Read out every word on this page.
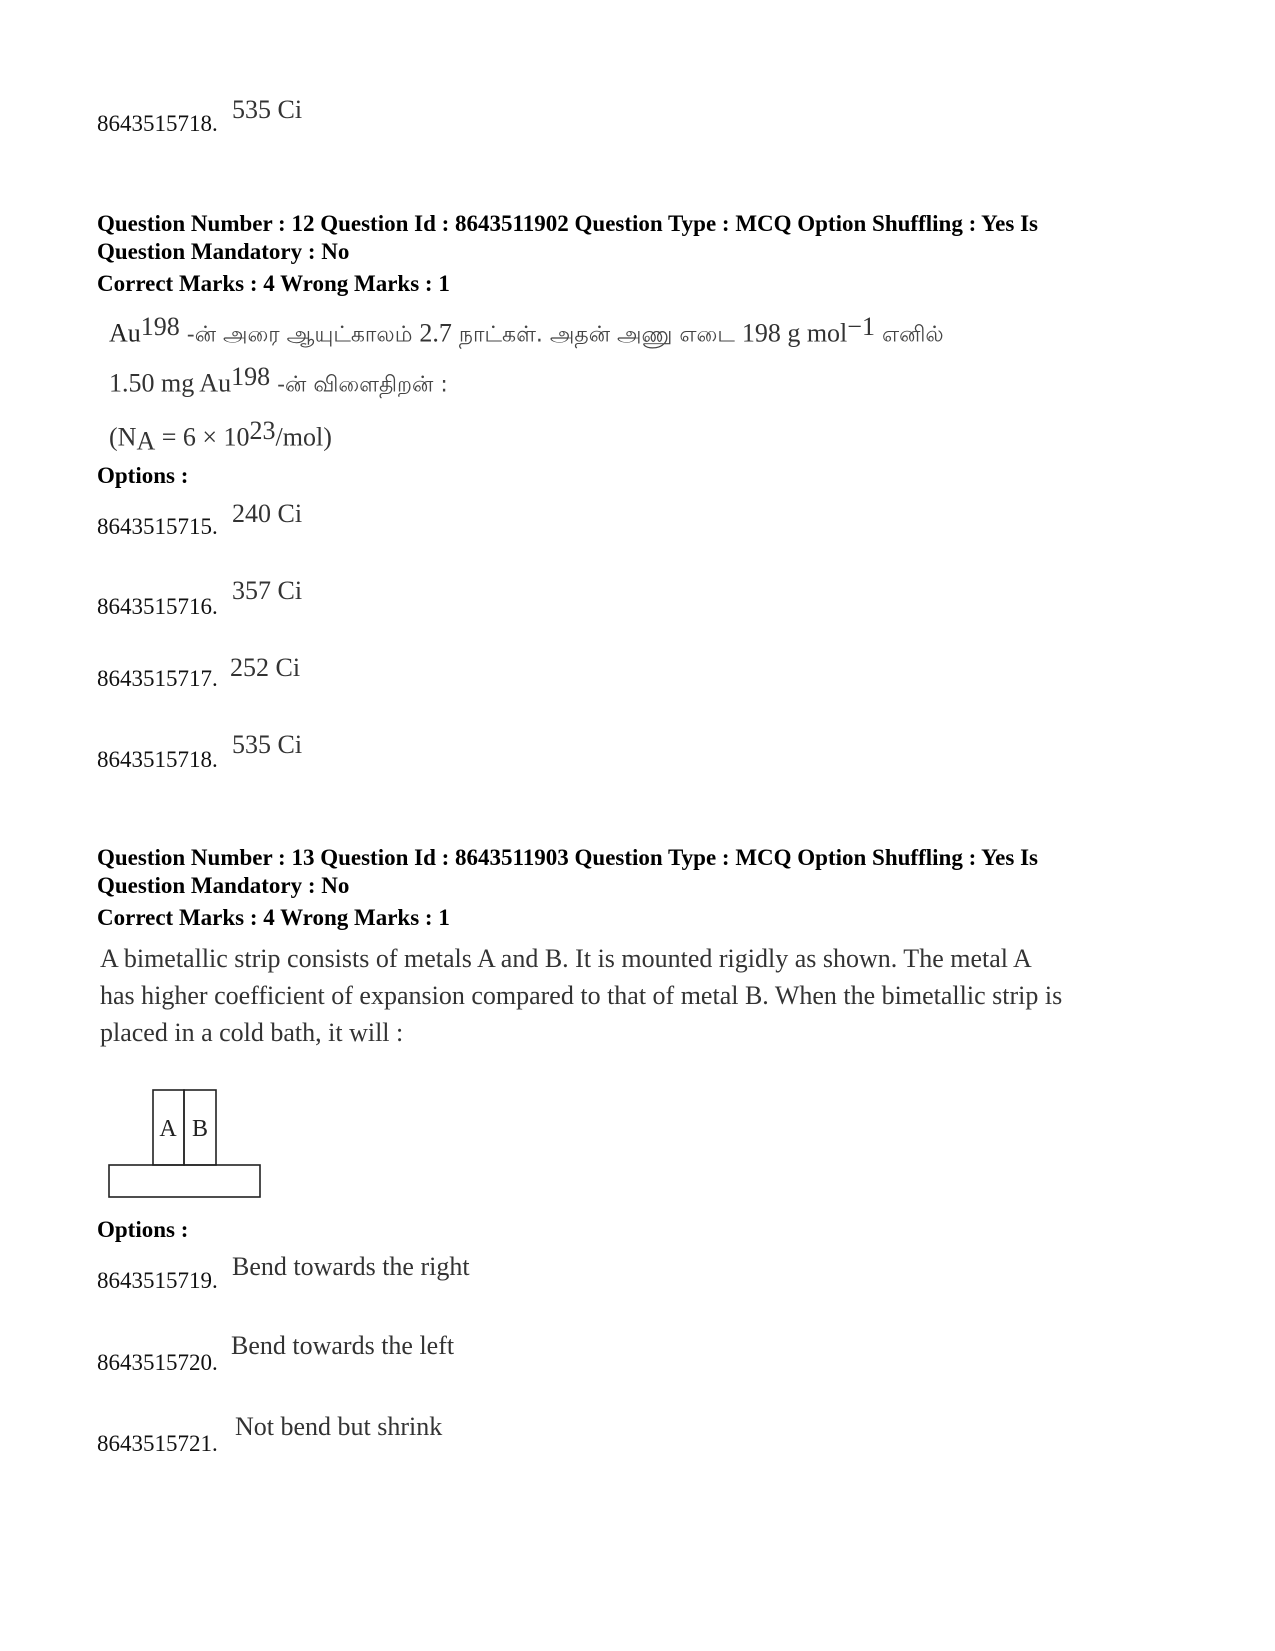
8643515718. 535 Ci
Question Number : 12 Question Id : 8643511902 Question Type : MCQ Option Shuffling : Yes Is
Question Mandatory : No
Correct Marks : 4 Wrong Marks : 1
Au$^{198}$ -ன் அரை ஆயுட்காலம் 2.7 நாட்கள். அதன் அணு எடை 198 g mol$^{-1}$ எனில்
1.50 mg Au$^{198}$ -ன் விளைதிறன் :
$(N_A = 6 \times 10^{23}/mol)$
Options :
8643515715. 240 Ci
8643515716.
357 Ci
8643515717. 252 Ci
8643515718.
535 Ci
Question Number : 13 Question Id : 8643511903 Question Type : MCQ Option Shuffling : Yes Is
Question Mandatory : No
Correct Marks : 4 Wrong Marks : 1
A bimetallic strip consists of metals A and B. It is mounted rigidly as shown. The metal A
has higher coefficient of expansion compared to that of metal B. When the bimetallic strip is
placed in a cold bath, it will :
A B
Options :
8643515719. Bend towards the right
8643515720.
Bend towards the left
8643515721.
Not bend but shrink
